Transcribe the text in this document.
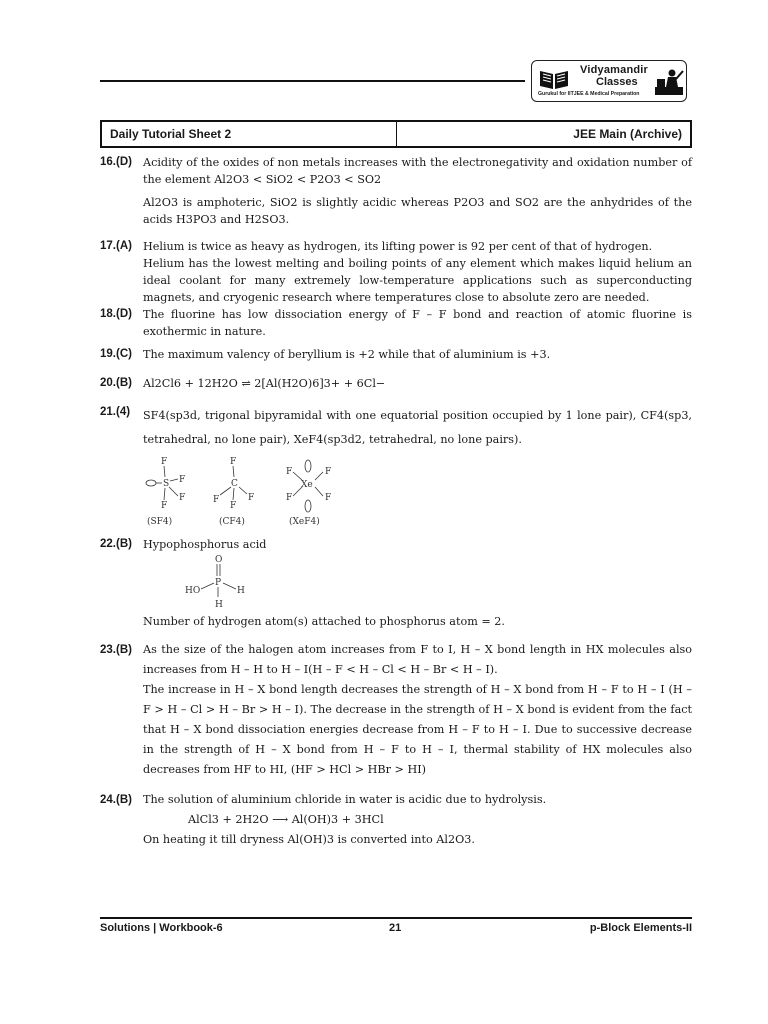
Vidyamandir
Classes
Gurukul for IITJEE & Medical Preparation
Daily Tutorial Sheet 2	JEE Main (Archive)
16.(D) Acidity of the oxides of non metals increases with the electronegativity and oxidation number of the element Al2O3 < SiO2 < P2O3 < SO2
Al2O3 is amphoteric, SiO2 is slightly acidic whereas P2O3 and SO2 are the anhydrides of the acids H3PO3 and H2SO3.
17.(A) Helium is twice as heavy as hydrogen, its lifting power is 92 per cent of that of hydrogen.
Helium has the lowest melting and boiling points of any element which makes liquid helium an ideal coolant for many extremely low-temperature applications such as superconducting magnets, and cryogenic research where temperatures close to absolute zero are needed.
18.(D) The fluorine has low dissociation energy of F – F bond and reaction of atomic fluorine is exothermic in nature.
19.(C) The maximum valency of beryllium is +2 while that of aluminium is +3.
20.(B) Al2Cl6 + 12H2O ⇌ 2[Al(H2O)6]3+ + 6Cl−
21.(4) SF4(sp3d, trigonal bipyramidal with one equatorial position occupied by 1 lone pair), CF4(sp3, tetrahedral, no lone pair), XeF4(sp3d2, tetrahedral, no lone pairs).
F
S F
F
F
F
C
F	F
F
Xe
F	F
F	F
(SF4)	(CF4)	(XeF4)
22.(B) Hypophosphorus acid
O
P
HO	H
H
Number of hydrogen atom(s) attached to phosphorus atom = 2.
23.(B) As the size of the halogen atom increases from F to I, H – X bond length in HX molecules also increases from H – H to H – I(H – F < H – Cl < H – Br < H – I).
The increase in H – X bond length decreases the strength of H – X bond from H – F to H – I (H – F > H – Cl > H – Br > H – I). The decrease in the strength of H – X bond is evident from the fact that H – X bond dissociation energies decrease from H – F to H – I. Due to successive decrease in the strength of H – X bond from H – F to H – I, thermal stability of HX molecules also decreases from HF to HI, (HF > HCl > HBr > HI)
24.(B) The solution of aluminium chloride in water is acidic due to hydrolysis.
AlCl3 + 2H2O ⟶ Al(OH)3 + 3HCl
On heating it till dryness Al(OH)3 is converted into Al2O3.
Solutions | Workbook-6	21	p-Block Elements-II
